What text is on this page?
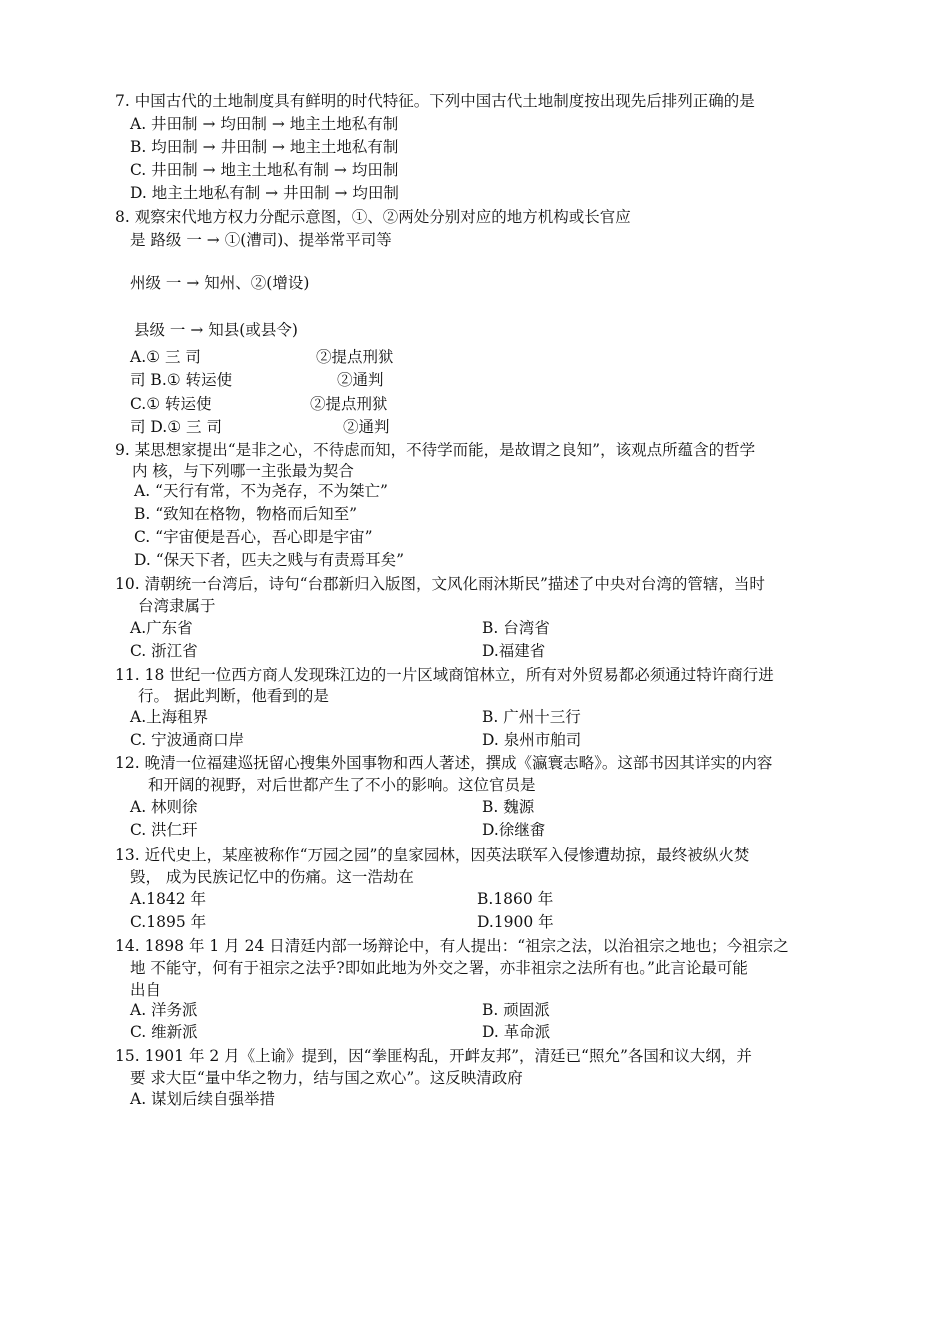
7. 中国古代的土地制度具有鲜明的时代特征。下列中国古代土地制度按出现先后排列正确的是
A. 井田制 → 均田制 → 地主土地私有制
B. 均田制 → 井田制 → 地主土地私有制
C. 井田制 → 地主土地私有制 → 均田制
D. 地主土地私有制 → 井田制 → 均田制
8. 观察宋代地方权力分配示意图，①、②两处分别对应的地方机构或长官应
是 路级 一 → ①(漕司)、提举常平司等
州级 一 → 知州、②(增设)
县级 一 → 知县(或县令)
A.① 三 司	②提点刑狱
司 B.① 转运使	②通判
C.① 转运使	②提点刑狱
司 D.① 三 司	②通判
9. 某思想家提出“是非之心，不待虑而知，不待学而能，是故谓之良知”，该观点所蕴含的哲学
内 核，与下列哪一主张最为契合
A. “天行有常，不为尧存，不为桀亡”
B. “致知在格物，物格而后知至”
C. “宇宙便是吾心，吾心即是宇宙”
D. “保天下者，匹夫之贱与有责焉耳矣”
10. 清朝统一台湾后，诗句“台郡新归入版图，文风化雨沐斯民”描述了中央对台湾的管辖，当时
台湾隶属于
A.广东省	B. 台湾省
C. 浙江省	D.福建省
11. 18 世纪一位西方商人发现珠江边的一片区域商馆林立，所有对外贸易都必须通过特许商行进
行。 据此判断，他看到的是
A.上海租界	B. 广州十三行
C. 宁波通商口岸	D. 泉州市舶司
12. 晚清一位福建巡抚留心搜集外国事物和西人著述，撰成《瀛寰志略》。这部书因其详实的内容
和开阔的视野，对后世都产生了不小的影响。这位官员是
A. 林则徐	B. 魏源
C. 洪仁玕	D.徐继畬
13. 近代史上，某座被称作“万园之园”的皇家园林，因英法联军入侵惨遭劫掠，最终被纵火焚
毁， 成为民族记忆中的伤痛。这一浩劫在
A.1842 年	B.1860 年
C.1895 年	D.1900 年
14. 1898 年 1 月 24 日清廷内部一场辩论中，有人提出：“祖宗之法，以治祖宗之地也；今祖宗之
地 不能守，何有于祖宗之法乎?即如此地为外交之署，亦非祖宗之法所有也。”此言论最可能
出自
A. 洋务派	B. 顽固派
C. 维新派	D. 革命派
15. 1901 年 2 月《上谕》提到，因“拳匪构乱，开衅友邦”，清廷已“照允”各国和议大纲，并
要 求大臣“量中华之物力，结与国之欢心”。这反映清政府
A. 谋划后续自强举措
